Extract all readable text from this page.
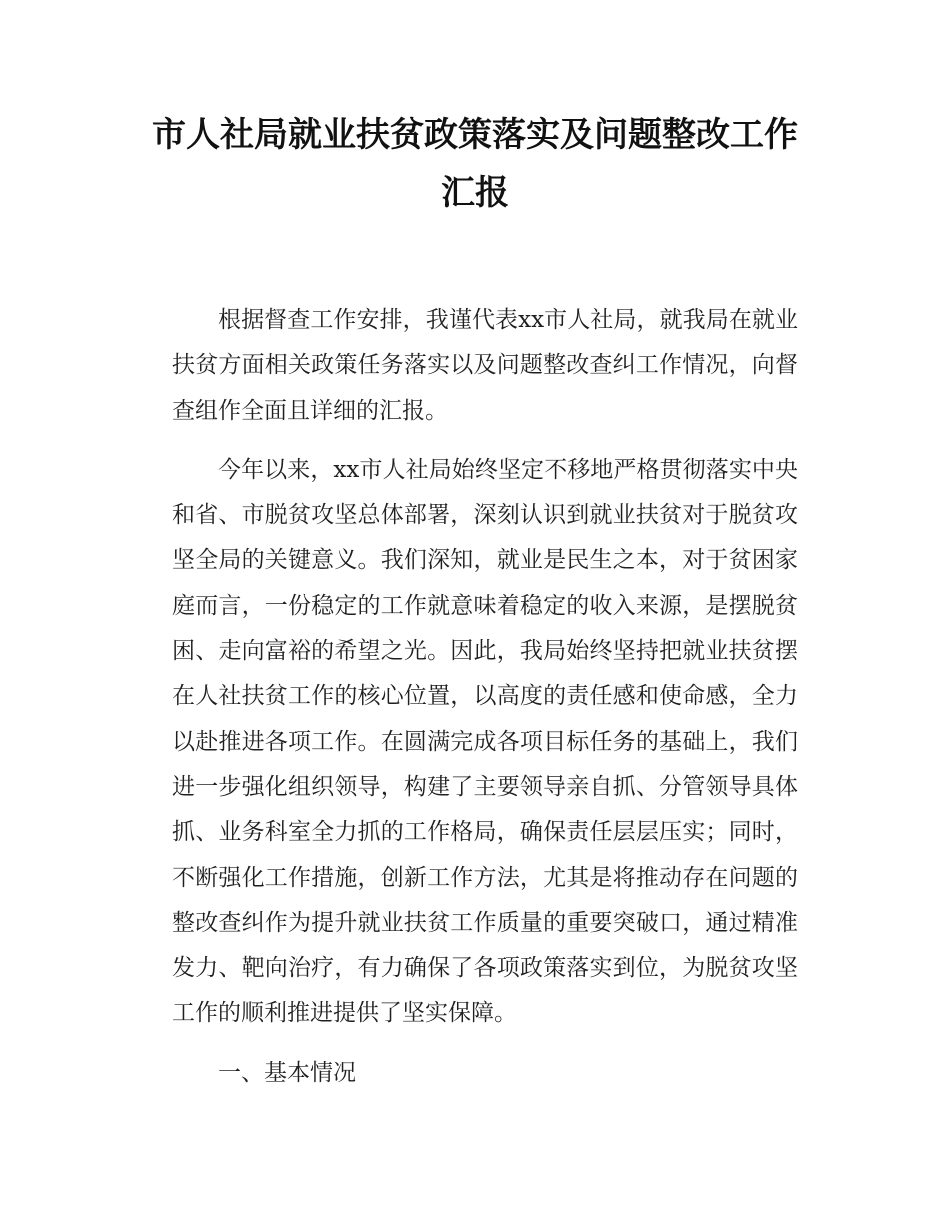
市人社局就业扶贫政策落实及问题整改工作
汇报

根据督查工作安排，我谨代表xx市人社局，就我局在就业扶贫方面相关政策任务落实以及问题整改查纠工作情况，向督查组作全面且详细的汇报。

今年以来，xx市人社局始终坚定不移地严格贯彻落实中央和省、市脱贫攻坚总体部署，深刻认识到就业扶贫对于脱贫攻坚全局的关键意义。我们深知，就业是民生之本，对于贫困家庭而言，一份稳定的工作就意味着稳定的收入来源，是摆脱贫困、走向富裕的希望之光。因此，我局始终坚持把就业扶贫摆在人社扶贫工作的核心位置，以高度的责任感和使命感，全力以赴推进各项工作。在圆满完成各项目标任务的基础上，我们进一步强化组织领导，构建了主要领导亲自抓、分管领导具体抓、业务科室全力抓的工作格局，确保责任层层压实；同时，不断强化工作措施，创新工作方法，尤其是将推动存在问题的整改查纠作为提升就业扶贫工作质量的重要突破口，通过精准发力、靶向治疗，有力确保了各项政策落实到位，为脱贫攻坚工作的顺利推进提供了坚实保障。

一、基本情况
